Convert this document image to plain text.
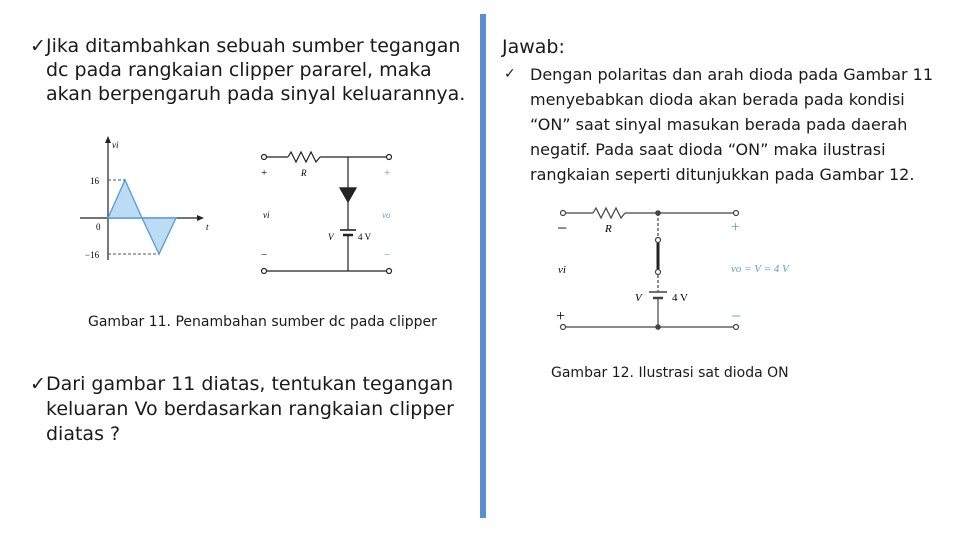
✓ Jika ditambahkan sebuah sumber tegangan
dc pada rangkaian clipper pararel, maka
akan berpengaruh pada sinyal keluarannya.
vi
t
16
0
−16
+
−
+
−
R
vi	vo
V	4 V
Gambar 11. Penambahan sumber dc pada clipper
✓ Dari gambar 11 diatas, tentukan tegangan
keluaran Vo berdasarkan rangkaian clipper
diatas ?
Jawab:
✓ Dengan polaritas dan arah dioda pada Gambar 11
menyebabkan dioda akan berada pada kondisi
“ON” saat sinyal masukan berada pada daerah
negatif. Pada saat dioda “ON” maka ilustrasi
rangkaian seperti ditunjukkan pada Gambar 12.
−
+
+
−
R
vi	vo = V = 4 V
V	4 V
Gambar 12. Ilustrasi sat dioda ON
